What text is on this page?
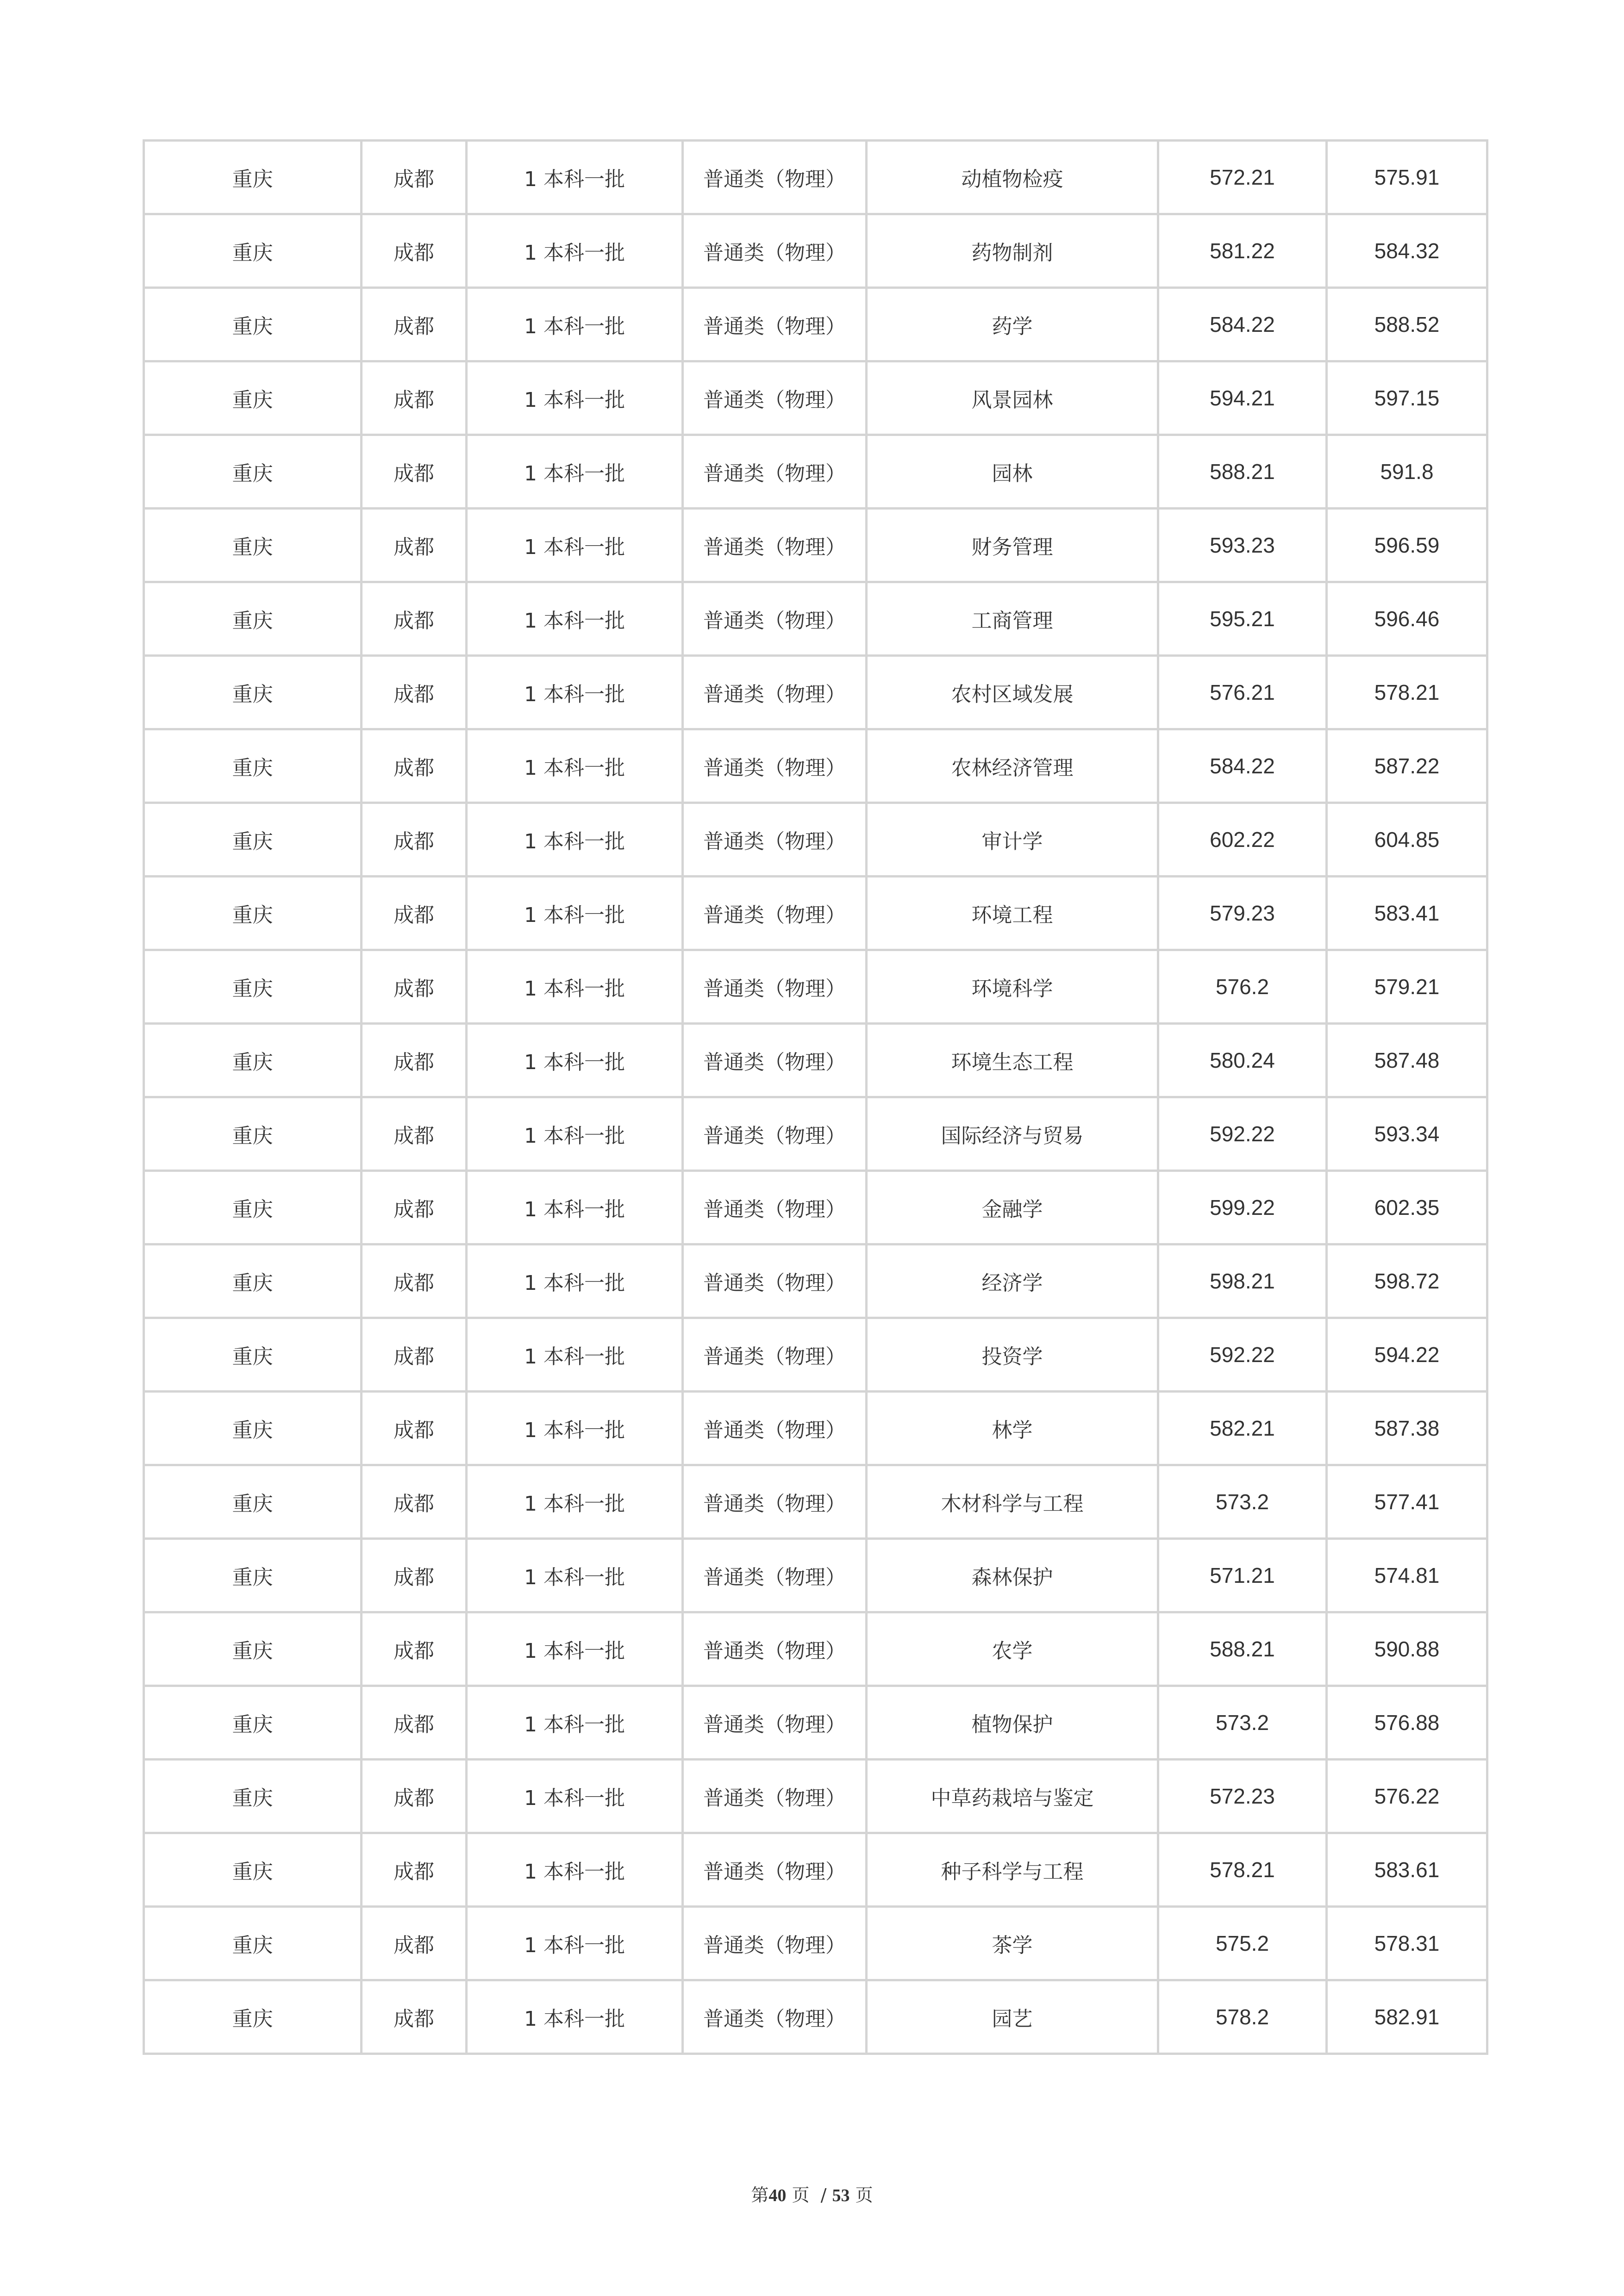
重庆	成都	1 本科一批	普通类（物理）	动植物检疫	572.21	575.91
重庆	成都	1 本科一批	普通类（物理）	药物制剂	581.22	584.32
重庆	成都	1 本科一批	普通类（物理）	药学	584.22	588.52
重庆	成都	1 本科一批	普通类（物理）	风景园林	594.21	597.15
重庆	成都	1 本科一批	普通类（物理）	园林	588.21	591.8
重庆	成都	1 本科一批	普通类（物理）	财务管理	593.23	596.59
重庆	成都	1 本科一批	普通类（物理）	工商管理	595.21	596.46
重庆	成都	1 本科一批	普通类（物理）	农村区域发展	576.21	578.21
重庆	成都	1 本科一批	普通类（物理）	农林经济管理	584.22	587.22
重庆	成都	1 本科一批	普通类（物理）	审计学	602.22	604.85
重庆	成都	1 本科一批	普通类（物理）	环境工程	579.23	583.41
重庆	成都	1 本科一批	普通类（物理）	环境科学	576.2	579.21
重庆	成都	1 本科一批	普通类（物理）	环境生态工程	580.24	587.48
重庆	成都	1 本科一批	普通类（物理）	国际经济与贸易	592.22	593.34
重庆	成都	1 本科一批	普通类（物理）	金融学	599.22	602.35
重庆	成都	1 本科一批	普通类（物理）	经济学	598.21	598.72
重庆	成都	1 本科一批	普通类（物理）	投资学	592.22	594.22
重庆	成都	1 本科一批	普通类（物理）	林学	582.21	587.38
重庆	成都	1 本科一批	普通类（物理）	木材科学与工程	573.2	577.41
重庆	成都	1 本科一批	普通类（物理）	森林保护	571.21	574.81
重庆	成都	1 本科一批	普通类（物理）	农学	588.21	590.88
重庆	成都	1 本科一批	普通类（物理）	植物保护	573.2	576.88
重庆	成都	1 本科一批	普通类（物理）	中草药栽培与鉴定	572.23	576.22
重庆	成都	1 本科一批	普通类（物理）	种子科学与工程	578.21	583.61
重庆	成都	1 本科一批	普通类（物理）	茶学	575.2	578.31
重庆	成都	1 本科一批	普通类（物理）	园艺	578.2	582.91
第40 页  / 53 页
